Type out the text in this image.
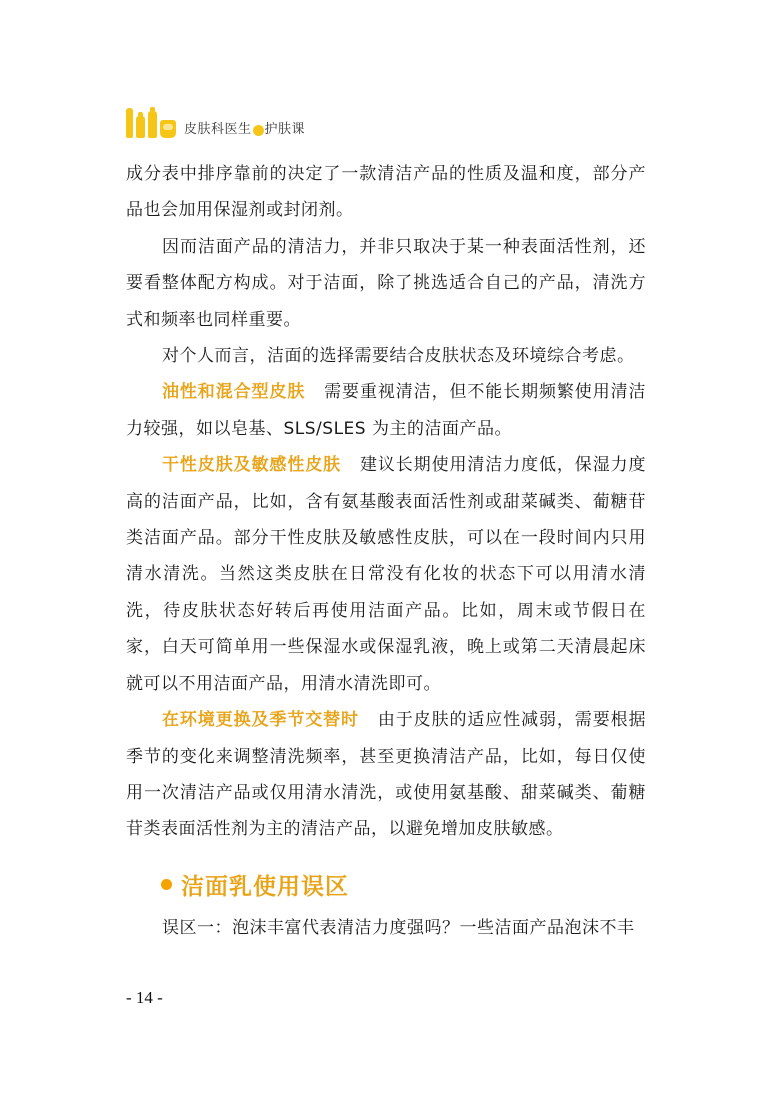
皮肤科医生 护肤课

成分表中排序靠前的决定了一款清洁产品的性质及温和度，部分产品也会加用保湿剂或封闭剂。

因而洁面产品的清洁力，并非只取决于某一种表面活性剂，还要看整体配方构成。对于洁面，除了挑选适合自己的产品，清洗方式和频率也同样重要。

对个人而言，洁面的选择需要结合皮肤状态及环境综合考虑。

油性和混合型皮肤 需要重视清洁，但不能长期频繁使用清洁力较强，如以皂基、SLS/SLES 为主的洁面产品。

干性皮肤及敏感性皮肤 建议长期使用清洁力度低，保湿力度高的洁面产品，比如，含有氨基酸表面活性剂或甜菜碱类、葡糖苷类洁面产品。部分干性皮肤及敏感性皮肤，可以在一段时间内只用清水清洗。当然这类皮肤在日常没有化妆的状态下可以用清水清洗，待皮肤状态好转后再使用洁面产品。比如，周末或节假日在家，白天可简单用一些保湿水或保湿乳液，晚上或第二天清晨起床就可以不用洁面产品，用清水清洗即可。

在环境更换及季节交替时 由于皮肤的适应性减弱，需要根据季节的变化来调整清洗频率，甚至更换清洁产品，比如，每日仅使用一次清洁产品或仅用清水清洗，或使用氨基酸、甜菜碱类、葡糖苷类表面活性剂为主的清洁产品，以避免增加皮肤敏感。

洁面乳使用误区

误区一：泡沫丰富代表清洁力度强吗？一些洁面产品泡沫不丰

- 14 -
